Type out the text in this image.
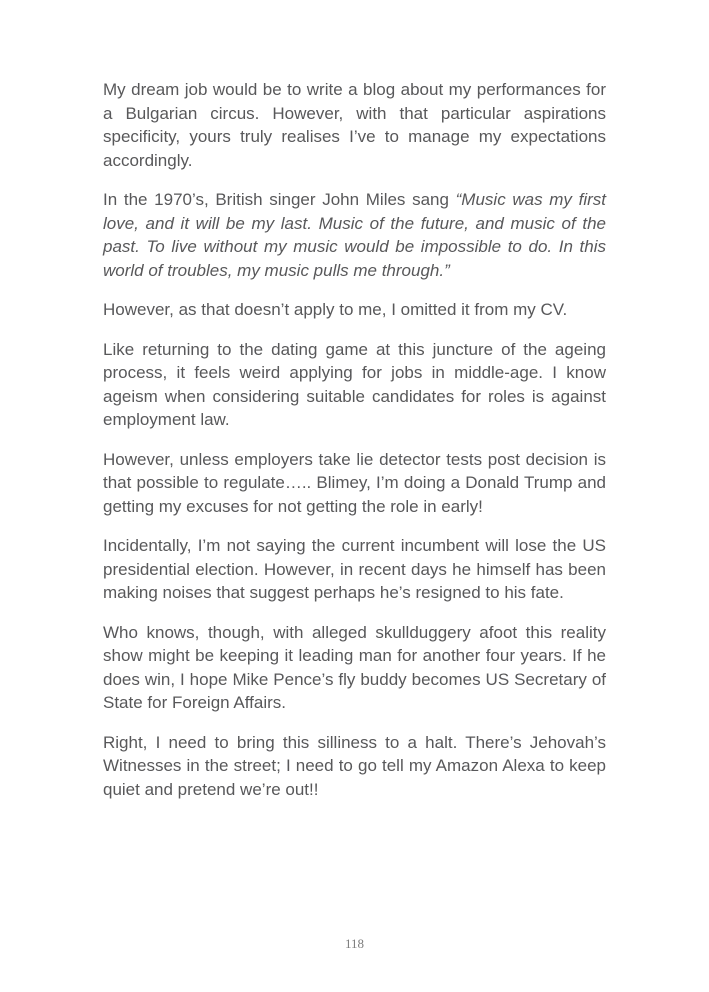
My dream job would be to write a blog about my performances for a Bulgarian circus. However, with that particular aspirations specificity, yours truly realises I’ve to manage my expectations accordingly.

In the 1970’s, British singer John Miles sang “Music was my first love, and it will be my last. Music of the future, and music of the past. To live without my music would be impossible to do. In this world of troubles, my music pulls me through.”

However, as that doesn’t apply to me, I omitted it from my CV.

Like returning to the dating game at this juncture of the ageing process, it feels weird applying for jobs in middle-age. I know ageism when considering suitable candidates for roles is against employment law.

However, unless employers take lie detector tests post decision is that possible to regulate….. Blimey, I’m doing a Donald Trump and getting my excuses for not getting the role in early!

Incidentally, I’m not saying the current incumbent will lose the US presidential election. However, in recent days he himself has been making noises that suggest perhaps he’s resigned to his fate.

Who knows, though, with alleged skullduggery afoot this reality show might be keeping it leading man for another four years. If he does win, I hope Mike Pence’s fly buddy becomes US Secretary of State for Foreign Affairs.

Right, I need to bring this silliness to a halt. There’s Jehovah’s Witnesses in the street; I need to go tell my Amazon Alexa to keep quiet and pretend we’re out!!

118
